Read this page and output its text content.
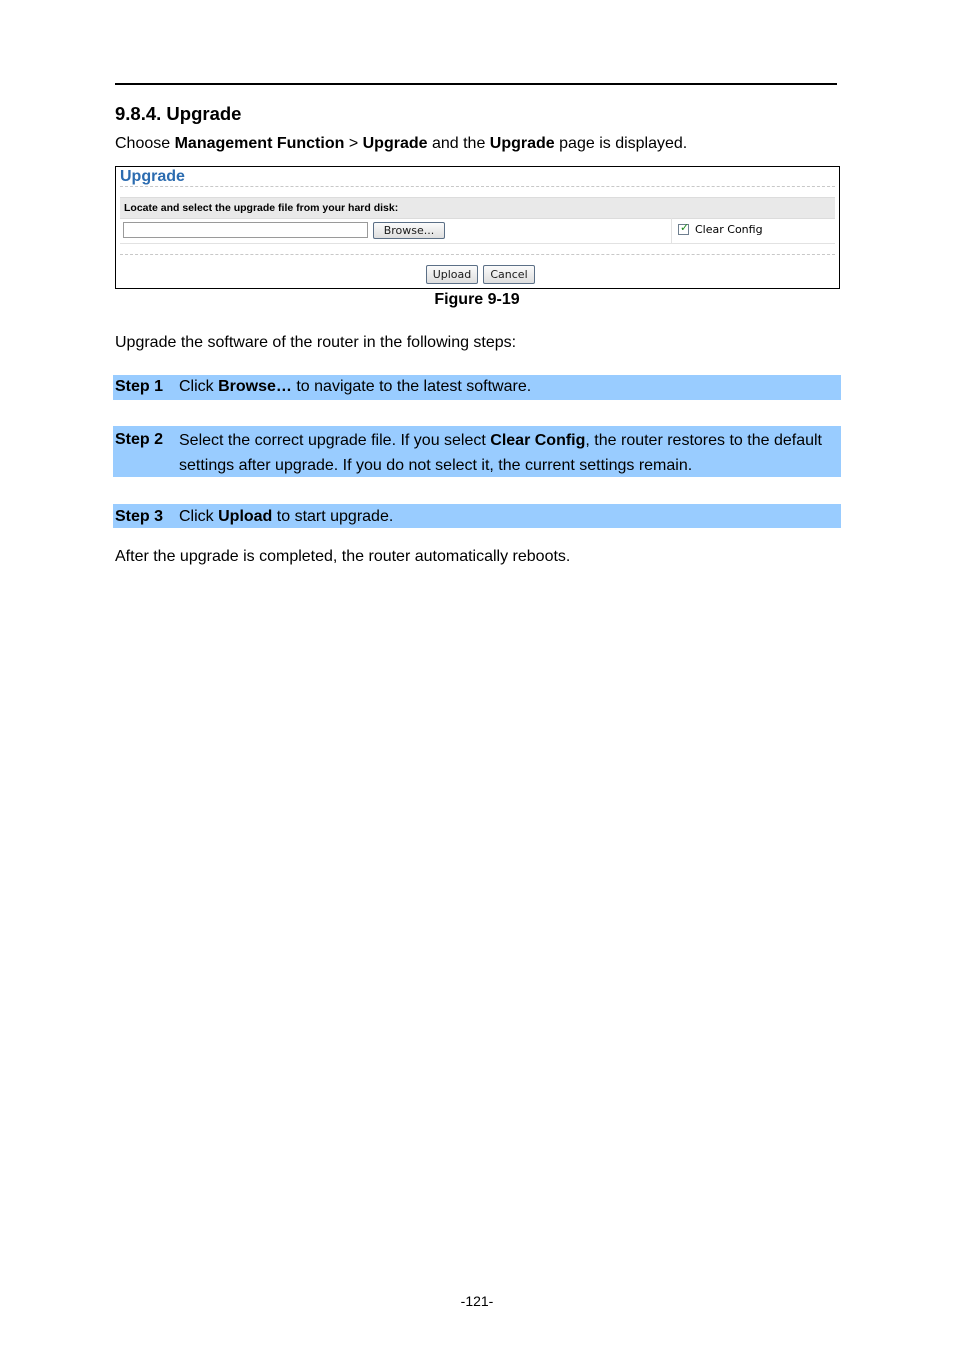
9.8.4. Upgrade

Choose Management Function > Upgrade and the Upgrade page is displayed.

Upgrade
Locate and select the upgrade file from your hard disk:
Browse...	✓ Clear Config
Upload	Cancel

Figure 9-19

Upgrade the software of the router in the following steps:

Step 1 Click Browse… to navigate to the latest software.

Step 2 Select the correct upgrade file. If you select Clear Config, the router restores to the default settings after upgrade. If you do not select it, the current settings remain.

Step 3 Click Upload to start upgrade.

After the upgrade is completed, the router automatically reboots.

-121-
